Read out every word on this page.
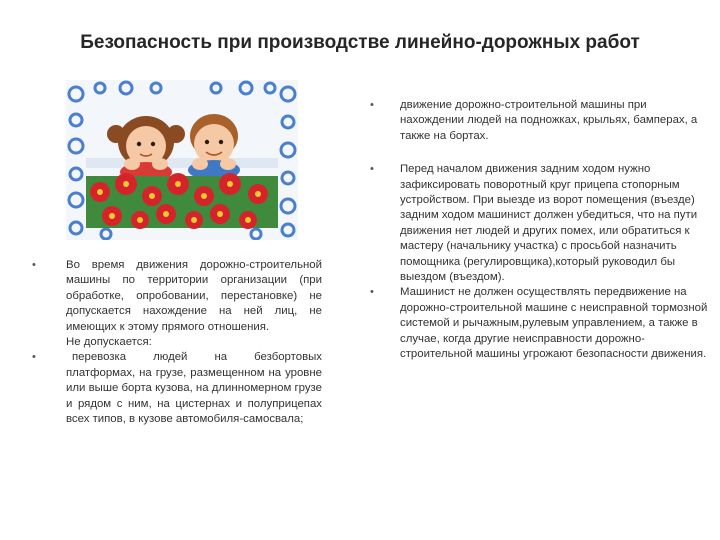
Безопасность при производстве линейно-дорожных работ
•	Во время движения дорожно-строительной машины по территории организации (при обработке, опробовании, перестановке) не допускается нахождение на ней лиц, не имеющих к этому прямого отношения.

Не допускается:

•	перевозка людей на безбортовых платформах, на грузе, размещенном на уровне или выше борта кузова, на длинномерном грузе и рядом с ним, на цистернах и полуприцепах всех типов, в кузове автомобиля-самосвала;

• движение дорожно-строительной машины при нахождении людей на подножках, крыльях, бамперах, а также на бортах.

• Перед началом движения задним ходом нужно зафиксировать поворотный круг прицепа стопорным устройством. При выезде из ворот помещения (въезде) задним ходом машинист должен убедиться, что на пути движения нет людей и других помех, или обратиться к мастеру (начальнику участка) с просьбой назначить помощника (регулировщика),который руководил бы выездом (въездом).

• Машинист не должен осуществлять передвижение на дорожно-строительной машине с неисправной тормозной системой и рычажным,рулевым управлением, а также в случае, когда другие неисправности дорожно-строительной машины угрожают безопасности движения.
